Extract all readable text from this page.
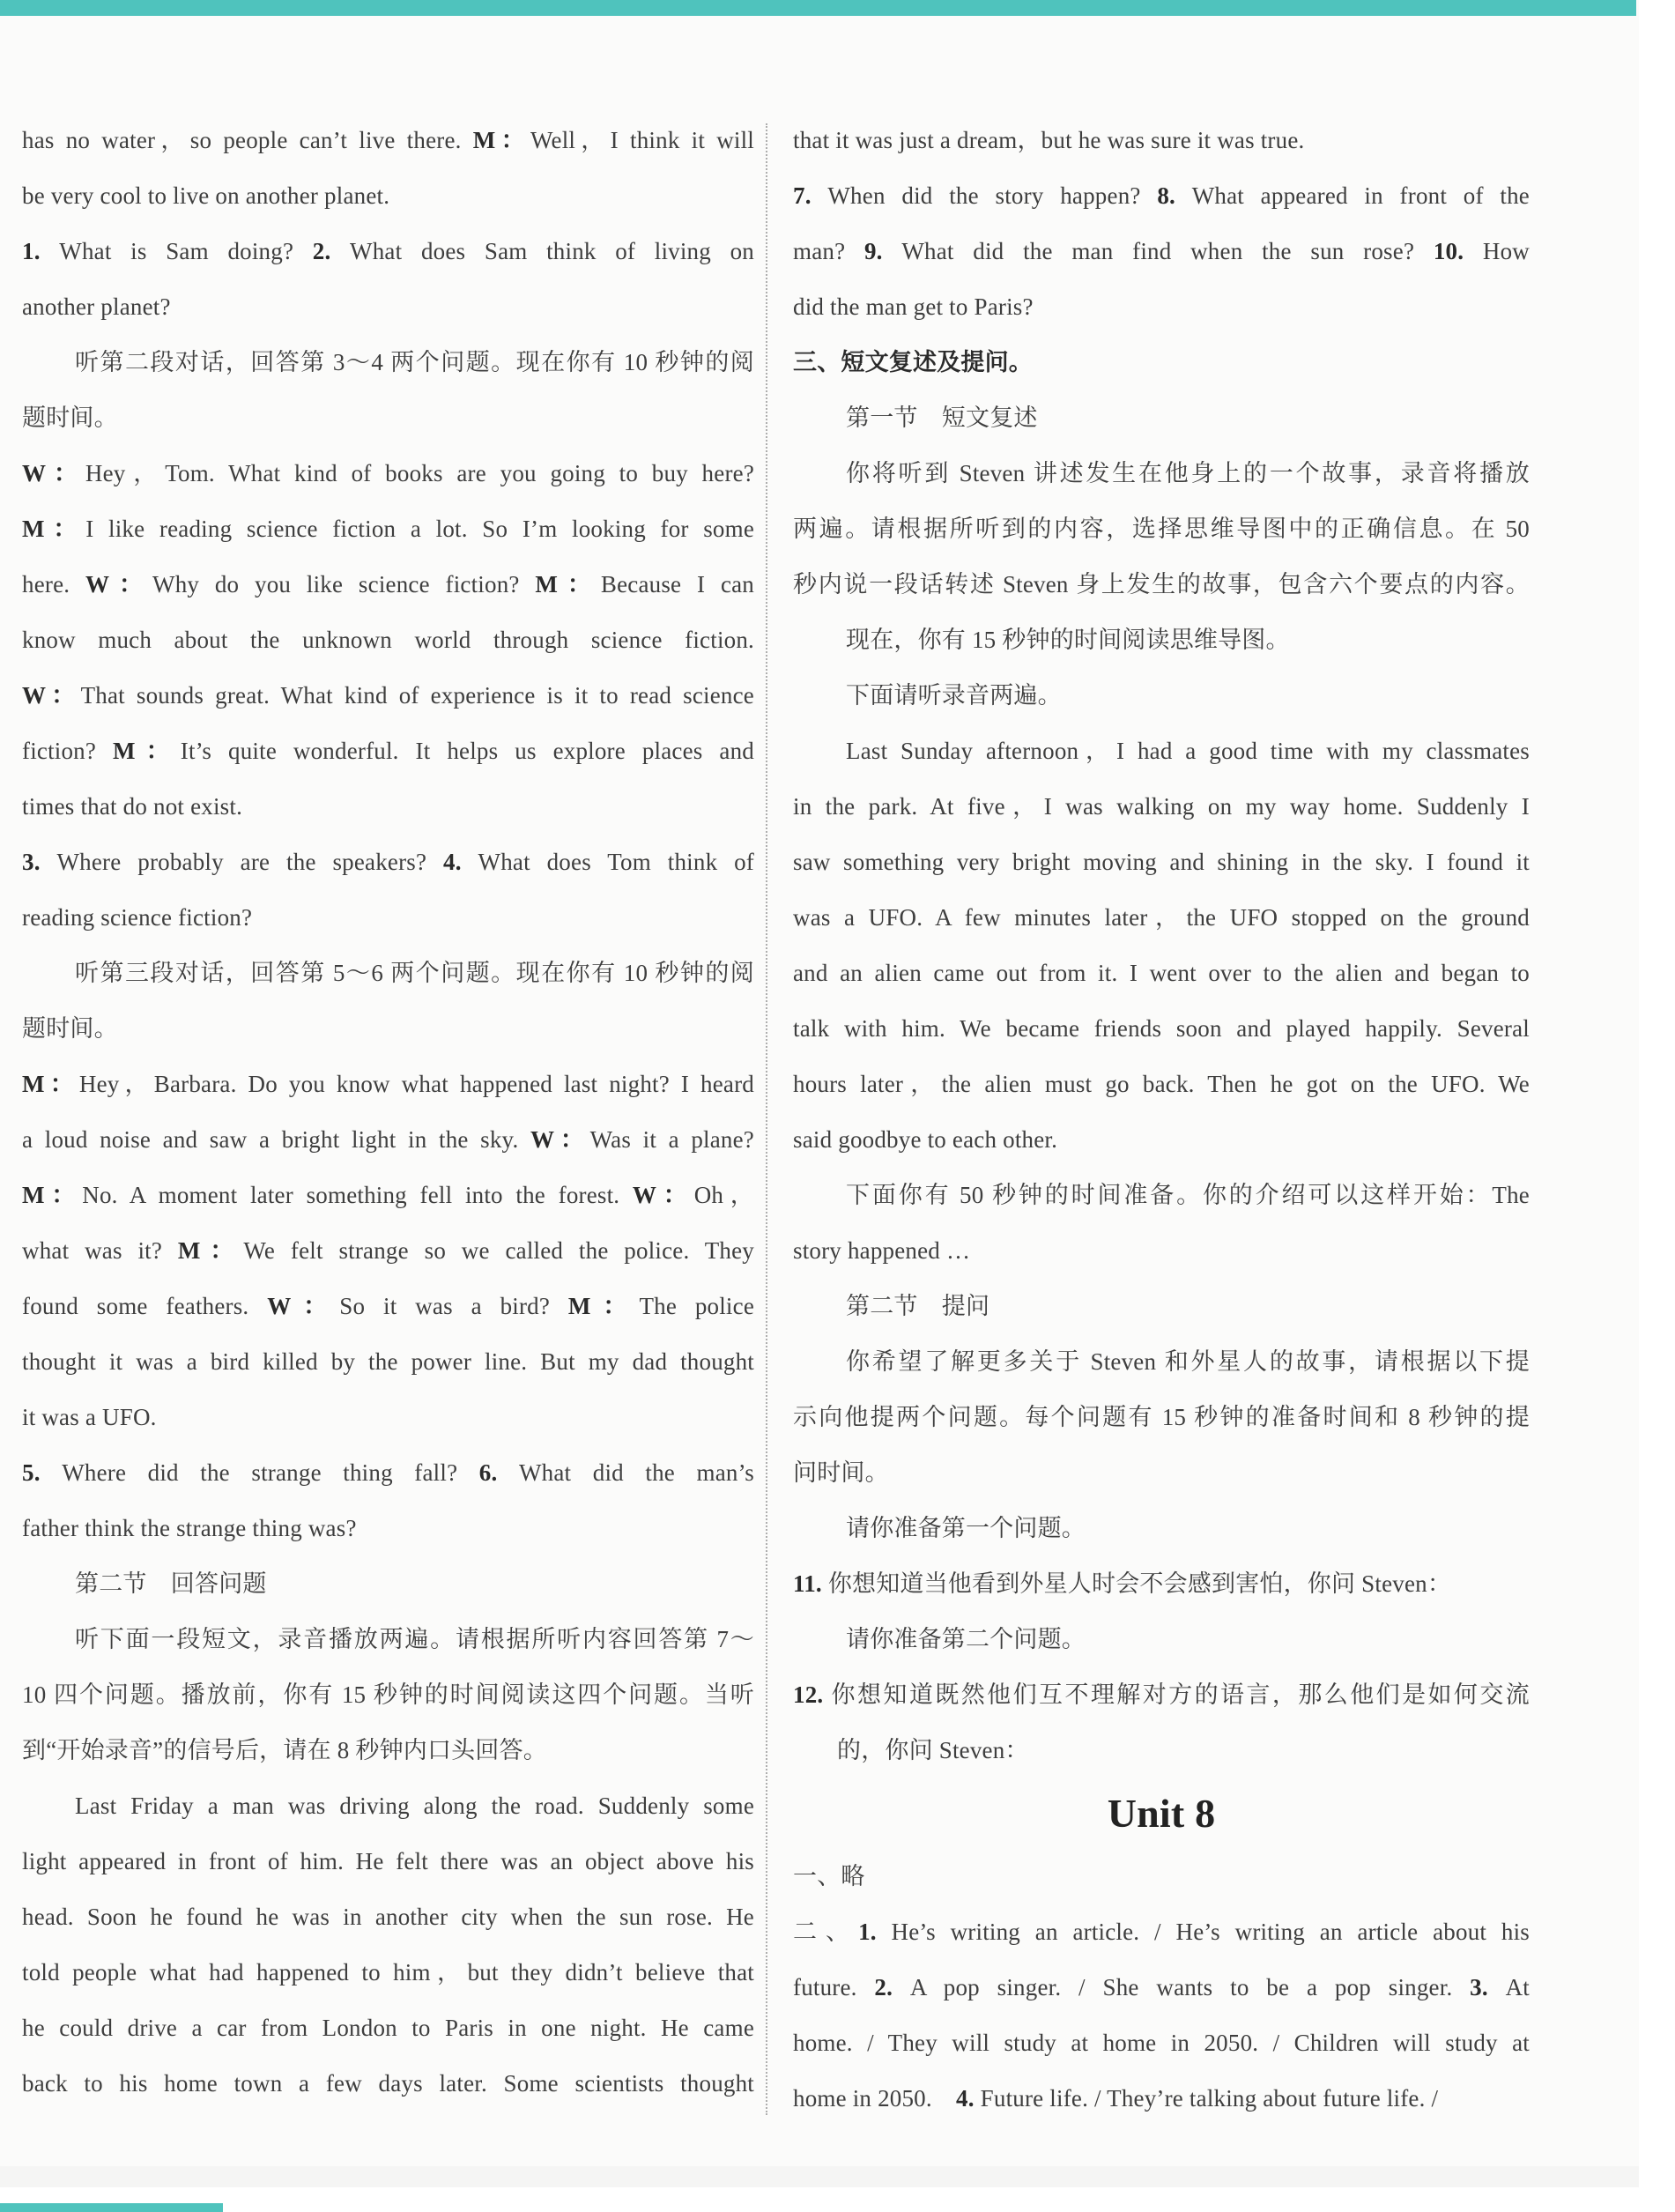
has no water，so people can’t live there. M：Well，I think it will
be very cool to live on another planet.
1. What is Sam doing? 2. What does Sam think of living on
another planet?
听第二段对话，回答第 3～4 两个问题。现在你有 10 秒钟的阅
题时间。
W：Hey，Tom. What kind of books are you going to buy here?
M：I like reading science fiction a lot. So I’m looking for some
here. W：Why do you like science fiction? M：Because I can
know much about the unknown world through science fiction.
W：That sounds great. What kind of experience is it to read science
fiction? M：It’s quite wonderful. It helps us explore places and
times that do not exist.
3. Where probably are the speakers? 4. What does Tom think of
reading science fiction?
听第三段对话，回答第 5～6 两个问题。现在你有 10 秒钟的阅
题时间。
M：Hey，Barbara. Do you know what happened last night? I heard
a loud noise and saw a bright light in the sky. W：Was it a plane?
M：No. A moment later something fell into the forest. W：Oh，
what was it? M：We felt strange so we called the police. They
found some feathers. W：So it was a bird? M：The police
thought it was a bird killed by the power line. But my dad thought
it was a UFO.
5. Where did the strange thing fall? 6. What did the man’s
father think the strange thing was?
第二节　回答问题
听下面一段短文，录音播放两遍。请根据所听内容回答第 7～
10 四个问题。播放前，你有 15 秒钟的时间阅读这四个问题。当听
到“开始录音”的信号后，请在 8 秒钟内口头回答。
Last Friday a man was driving along the road. Suddenly some
light appeared in front of him. He felt there was an object above his
head. Soon he found he was in another city when the sun rose. He
told people what had happened to him，but they didn’t believe that
he could drive a car from London to Paris in one night. He came
back to his home town a few days later. Some scientists thought
that it was just a dream，but he was sure it was true.
7. When did the story happen? 8. What appeared in front of the
man? 9. What did the man find when the sun rose? 10. How
did the man get to Paris?
三、短文复述及提问。
第一节　短文复述
你将听到 Steven 讲述发生在他身上的一个故事，录音将播放
两遍。请根据所听到的内容，选择思维导图中的正确信息。在 50
秒内说一段话转述 Steven 身上发生的故事，包含六个要点的内容。
现在，你有 15 秒钟的时间阅读思维导图。
下面请听录音两遍。
Last Sunday afternoon，I had a good time with my classmates
in the park. At five，I was walking on my way home. Suddenly I
saw something very bright moving and shining in the sky. I found it
was a UFO. A few minutes later，the UFO stopped on the ground
and an alien came out from it. I went over to the alien and began to
talk with him. We became friends soon and played happily. Several
hours later，the alien must go back. Then he got on the UFO. We
said goodbye to each other.
下面你有 50 秒钟的时间准备。你的介绍可以这样开始：The
story happened …
第二节　提问
你希望了解更多关于 Steven 和外星人的故事，请根据以下提
示向他提两个问题。每个问题有 15 秒钟的准备时间和 8 秒钟的提
问时间。
请你准备第一个问题。
11. 你想知道当他看到外星人时会不会感到害怕，你问 Steven：
请你准备第二个问题。
12. 你想知道既然他们互不理解对方的语言，那么他们是如何交流
的，你问 Steven：
Unit 8
一、略
二、1. He’s writing an article. / He’s writing an article about his
future. 2. A pop singer. / She wants to be a pop singer. 3. At
home. / They will study at home in 2050. / Children will study at
home in 2050. 4. Future life. / They’re talking about future life. /
